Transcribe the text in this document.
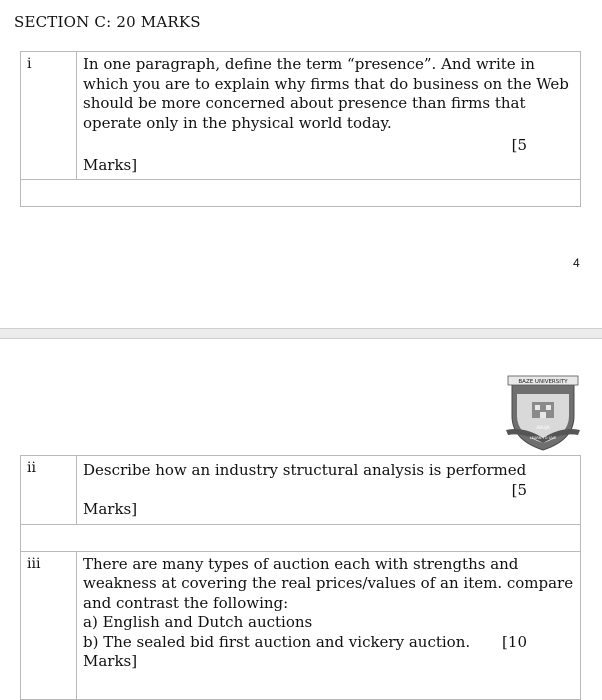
SECTION C: 20 MARKS
i	In one paragraph, define the term “presence”. And write in which you are to explain why firms that do business on the Web should be more concerned about presence than firms that operate only in the physical world today.
[5
Marks]

4
BAZE UNIVERSITY
ABUJA
LEARN TO LIVE
ii	Describe how an industry structural analysis is performed
[5
Marks]

iii	There are many types of auction each with strengths and weakness at covering the real prices/values of an item. compare and contrast the following:
a) English and Dutch auctions
b) The sealed bid first auction and vickery auction. [10
Marks]
